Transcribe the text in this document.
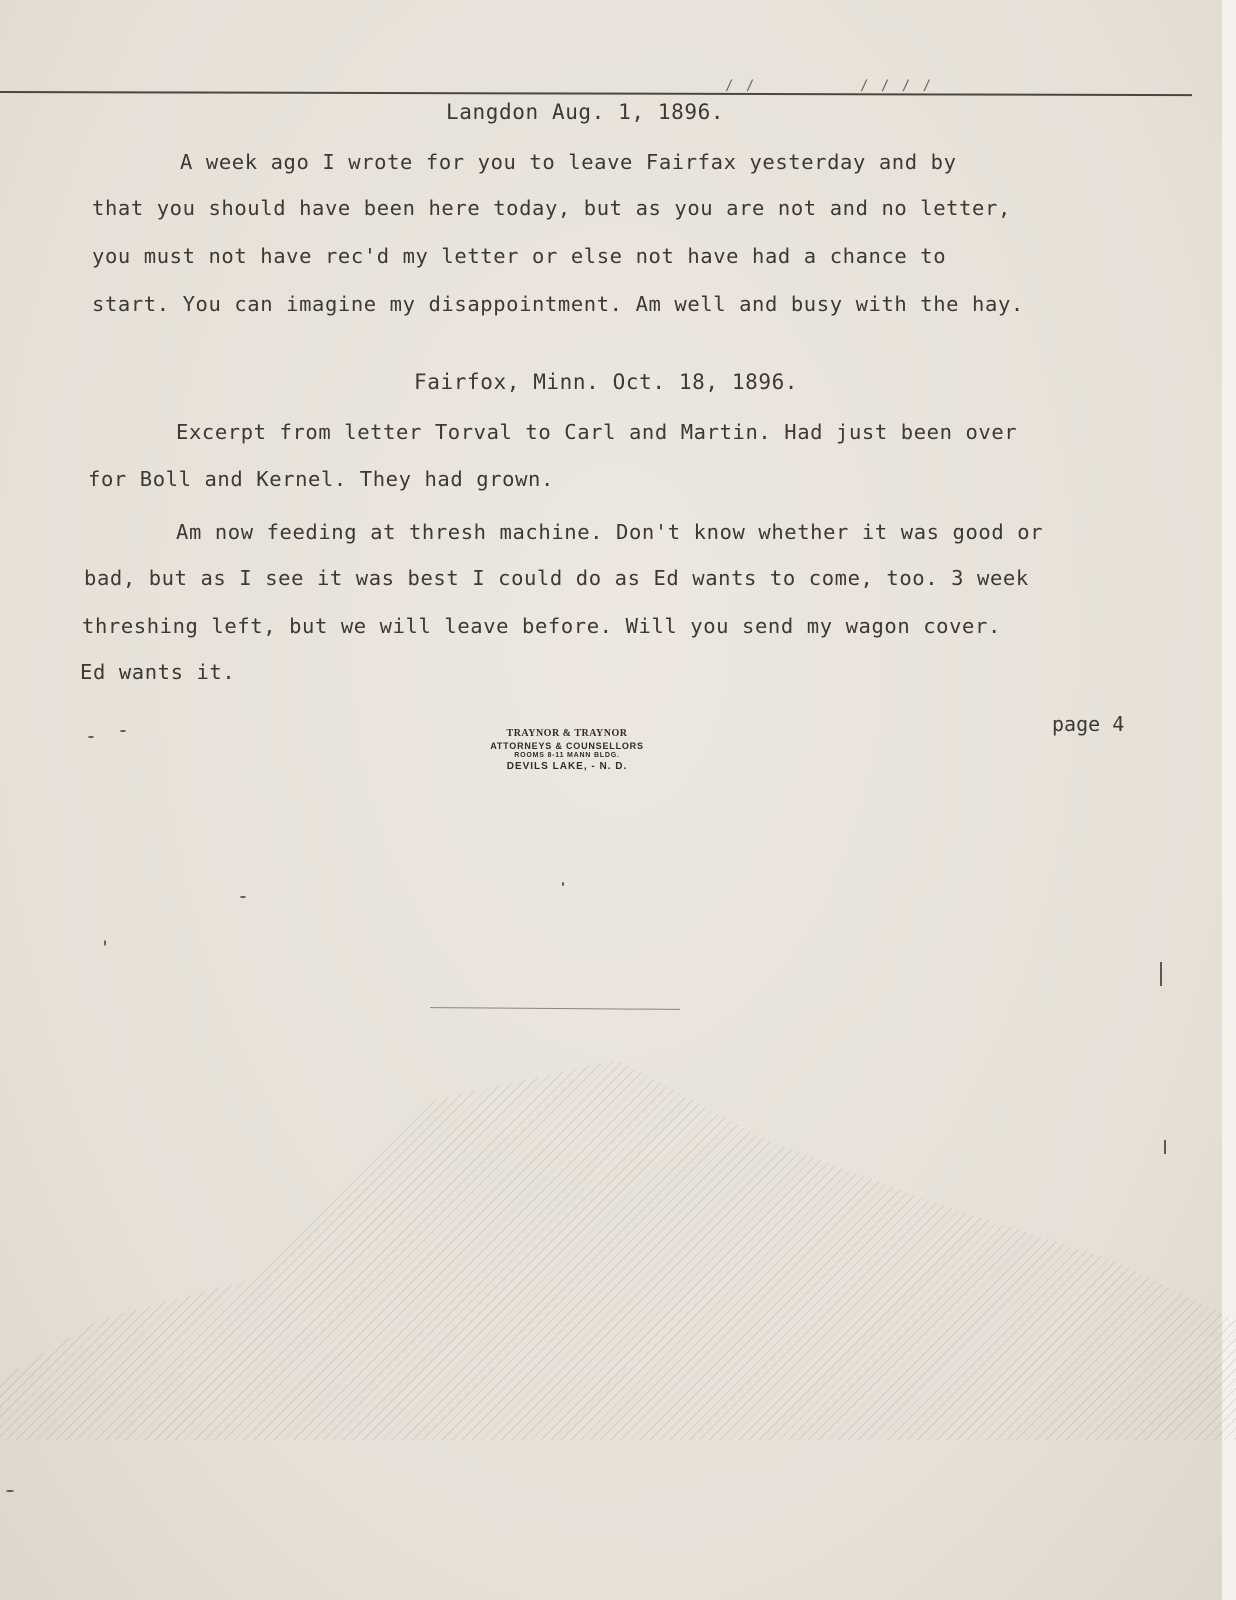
/ /	/ / / /
Langdon Aug. 1, 1896.
A week ago I wrote for you to leave Fairfax yesterday and by
that you should have been here today, but as you are not and no letter,
you must not have rec'd my letter or else not have had a chance to
start. You can imagine my disappointment. Am well and busy with the hay.
Fairfox, Minn. Oct. 18, 1896.
Excerpt from letter Torval to Carl and Martin. Had just been over
for Boll and Kernel. They had grown.
Am now feeding at thresh machine. Don't know whether it was good or
bad, but as I see it was best I could do as Ed wants to come, too. 3 week
threshing left, but we will leave before. Will you send my wagon cover.
Ed wants it.
page 4
TRAYNOR & TRAYNOR
ATTORNEYS & COUNSELLORS
ROOMS 8-11 MANN BLDG.
DEVILS LAKE, - N. D.
